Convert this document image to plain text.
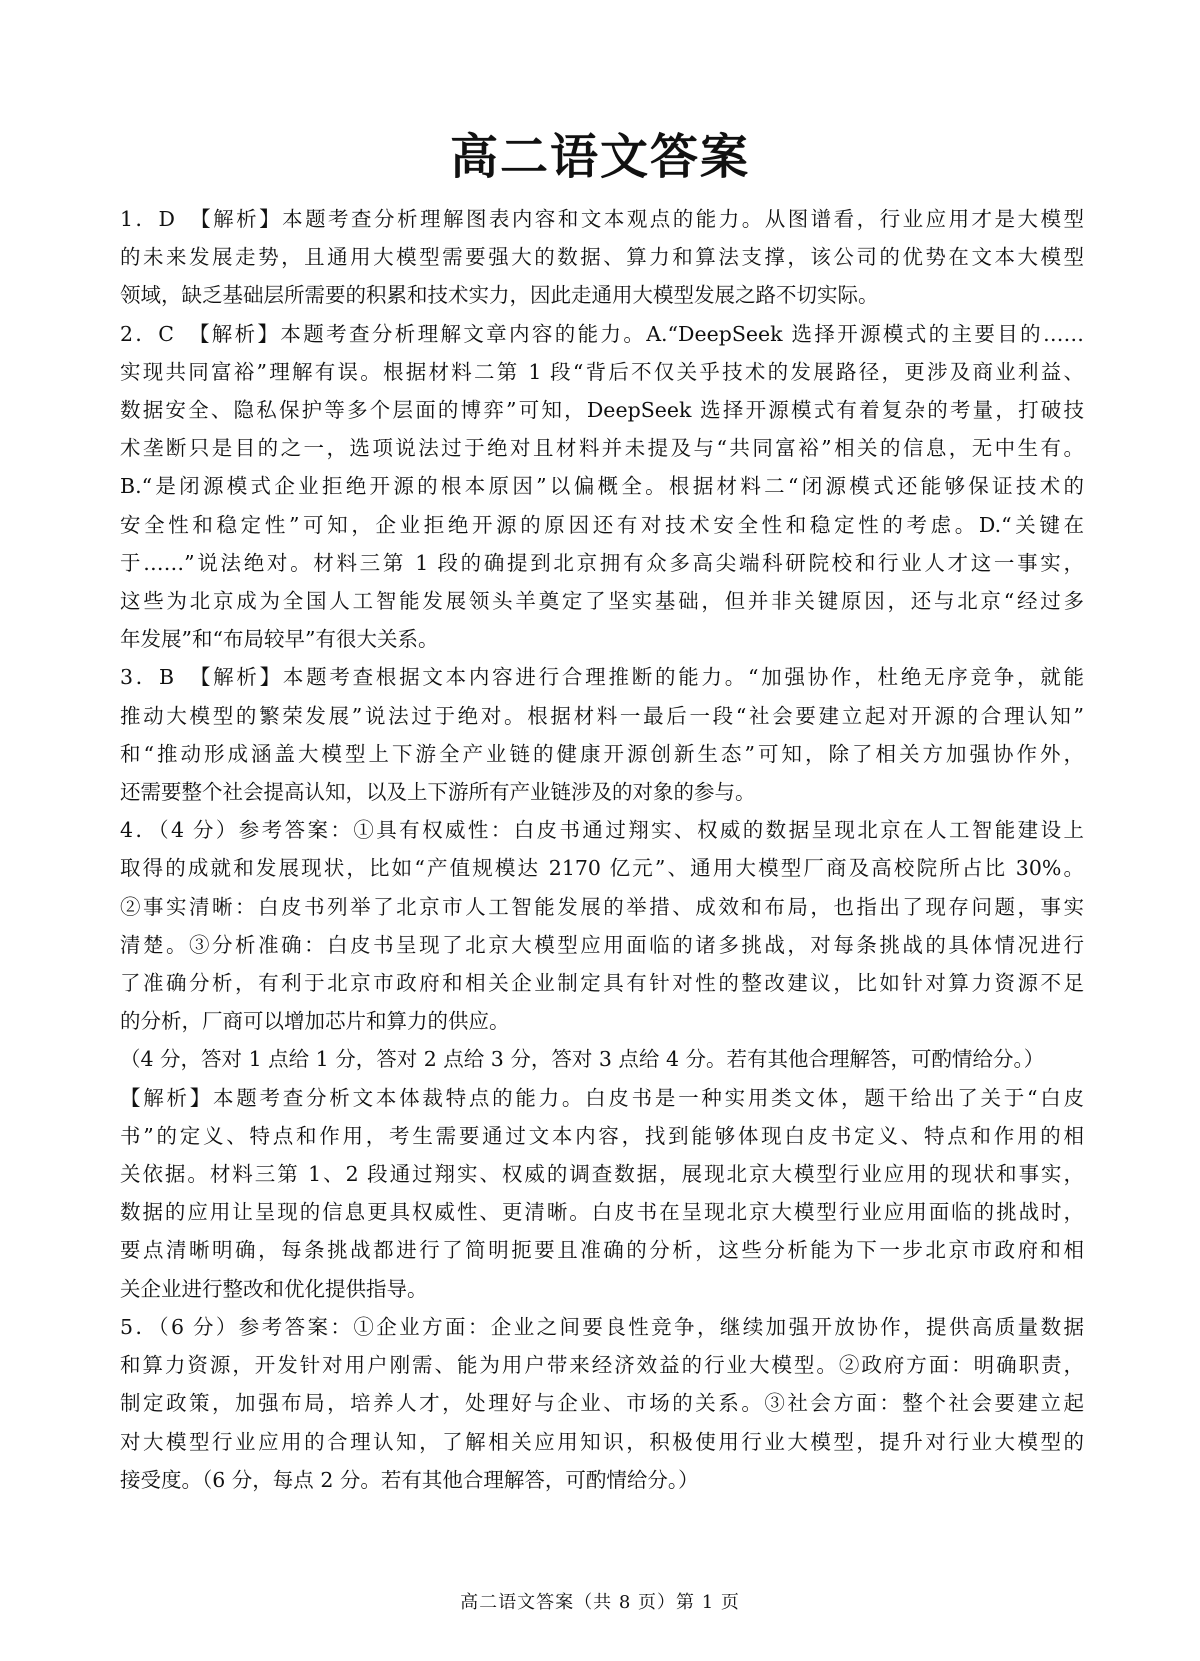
高二语文答案
1．D　【解析】本题考查分析理解图表内容和文本观点的能力。从图谱看，行业应用才是大模型
的未来发展走势，且通用大模型需要强大的数据、算力和算法支撑，该公司的优势在文本大模型
领域，缺乏基础层所需要的积累和技术实力，因此走通用大模型发展之路不切实际。
2．C　【解析】本题考查分析理解文章内容的能力。A.“DeepSeek 选择开源模式的主要目的……
实现共同富裕”理解有误。根据材料二第 1 段“背后不仅关乎技术的发展路径，更涉及商业利益、
数据安全、隐私保护等多个层面的博弈”可知，DeepSeek 选择开源模式有着复杂的考量，打破技
术垄断只是目的之一，选项说法过于绝对且材料并未提及与“共同富裕”相关的信息，无中生有。
B.“是闭源模式企业拒绝开源的根本原因”以偏概全。根据材料二“闭源模式还能够保证技术的
安全性和稳定性”可知，企业拒绝开源的原因还有对技术安全性和稳定性的考虑。D.“关键在
于……”说法绝对。材料三第 1 段的确提到北京拥有众多高尖端科研院校和行业人才这一事实，
这些为北京成为全国人工智能发展领头羊奠定了坚实基础，但并非关键原因，还与北京“经过多
年发展”和“布局较早”有很大关系。
3．B　【解析】本题考查根据文本内容进行合理推断的能力。“加强协作，杜绝无序竞争，就能
推动大模型的繁荣发展”说法过于绝对。根据材料一最后一段“社会要建立起对开源的合理认知”
和“推动形成涵盖大模型上下游全产业链的健康开源创新生态”可知，除了相关方加强协作外，
还需要整个社会提高认知，以及上下游所有产业链涉及的对象的参与。
4．（4 分）参考答案：①具有权威性：白皮书通过翔实、权威的数据呈现北京在人工智能建设上
取得的成就和发展现状，比如“产值规模达 2170 亿元”、通用大模型厂商及高校院所占比 30%。
②事实清晰：白皮书列举了北京市人工智能发展的举措、成效和布局，也指出了现存问题，事实
清楚。③分析准确：白皮书呈现了北京大模型应用面临的诸多挑战，对每条挑战的具体情况进行
了准确分析，有利于北京市政府和相关企业制定具有针对性的整改建议，比如针对算力资源不足
的分析，厂商可以增加芯片和算力的供应。
（4 分，答对 1 点给 1 分，答对 2 点给 3 分，答对 3 点给 4 分。若有其他合理解答，可酌情给分。）
【解析】本题考查分析文本体裁特点的能力。白皮书是一种实用类文体，题干给出了关于“白皮
书”的定义、特点和作用，考生需要通过文本内容，找到能够体现白皮书定义、特点和作用的相
关依据。材料三第 1、2 段通过翔实、权威的调查数据，展现北京大模型行业应用的现状和事实，
数据的应用让呈现的信息更具权威性、更清晰。白皮书在呈现北京大模型行业应用面临的挑战时，
要点清晰明确，每条挑战都进行了简明扼要且准确的分析，这些分析能为下一步北京市政府和相
关企业进行整改和优化提供指导。
5．（6 分）参考答案：①企业方面：企业之间要良性竞争，继续加强开放协作，提供高质量数据
和算力资源，开发针对用户刚需、能为用户带来经济效益的行业大模型。②政府方面：明确职责，
制定政策，加强布局，培养人才，处理好与企业、市场的关系。③社会方面：整个社会要建立起
对大模型行业应用的合理认知，了解相关应用知识，积极使用行业大模型，提升对行业大模型的
接受度。（6 分，每点 2 分。若有其他合理解答，可酌情给分。）
高二语文答案（共 8 页）第 1 页
